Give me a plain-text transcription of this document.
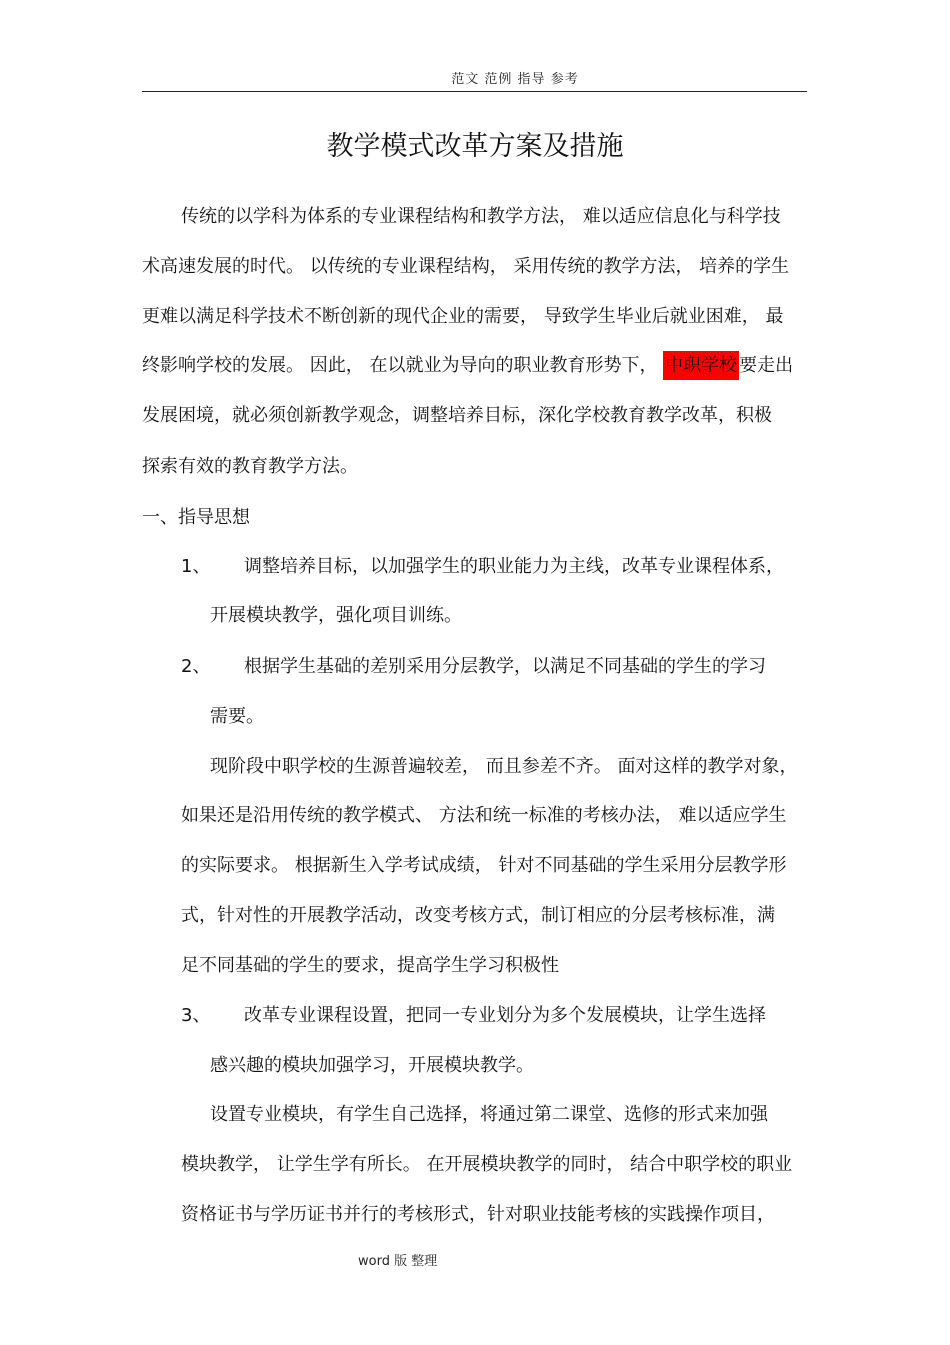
范文 范例 指导 参考
教学模式改革方案及措施
传统的以学科为体系的专业课程结构和教学方法， 难以适应信息化与科学技
术高速发展的时代。 以传统的专业课程结构， 采用传统的教学方法， 培养的学生
更难以满足科学技术不断创新的现代企业的需要， 导致学生毕业后就业困难， 最
终影响学校的发展。 因此， 在以就业为导向的职业教育形势下， 中职学校 要走出
发展困境，就必须创新教学观念，调整培养目标，深化学校教育教学改革，积极
探索有效的教育教学方法。
一、指导思想
1、 调整培养目标，以加强学生的职业能力为主线，改革专业课程体系，
开展模块教学，强化项目训练。
2、 根据学生基础的差别采用分层教学，以满足不同基础的学生的学习
需要。
现阶段中职学校的生源普遍较差， 而且参差不齐。 面对这样的教学对象，
如果还是沿用传统的教学模式、 方法和统一标准的考核办法， 难以适应学生
的实际要求。 根据新生入学考试成绩， 针对不同基础的学生采用分层教学形
式，针对性的开展教学活动，改变考核方式，制订相应的分层考核标准，满
足不同基础的学生的要求，提高学生学习积极性
3、 改革专业课程设置，把同一专业划分为多个发展模块，让学生选择
感兴趣的模块加强学习，开展模块教学。
设置专业模块，有学生自己选择，将通过第二课堂、选修的形式来加强
模块教学， 让学生学有所长。 在开展模块教学的同时， 结合中职学校的职业
资格证书与学历证书并行的考核形式，针对职业技能考核的实践操作项目，
word 版 整理
